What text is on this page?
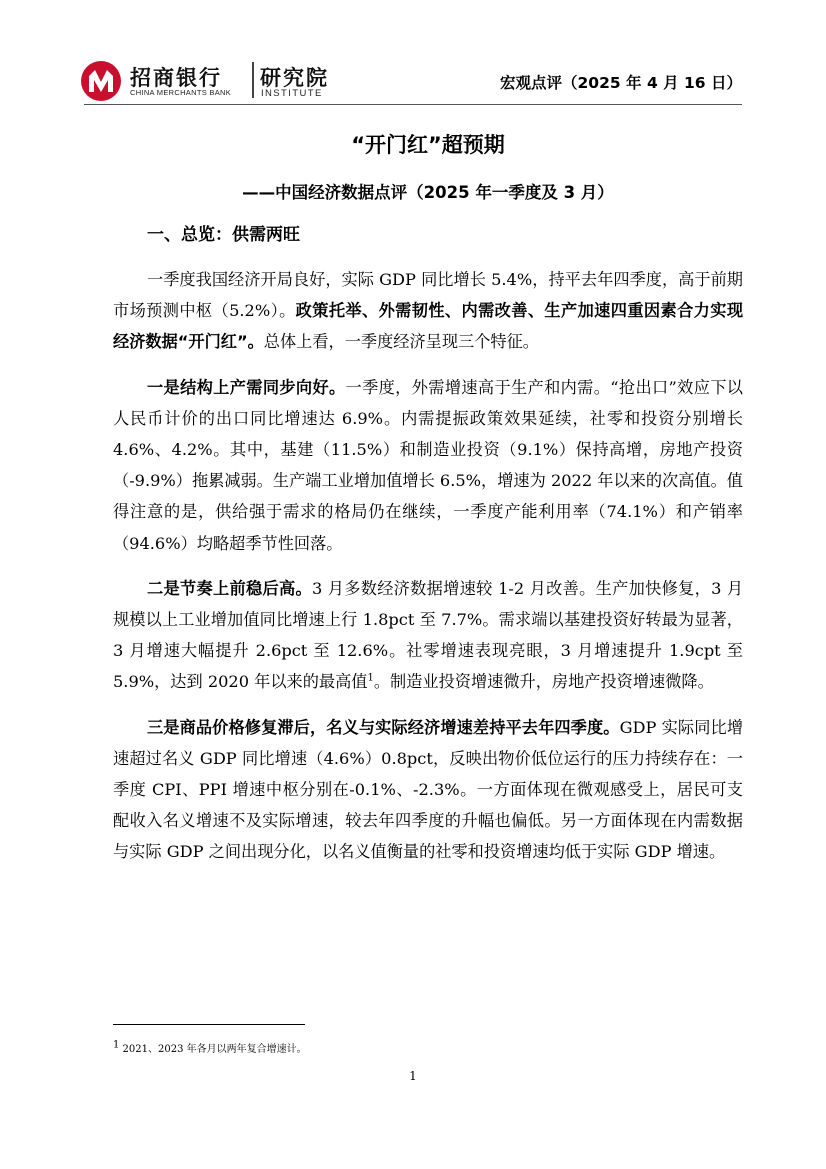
招商银行
CHINA MERCHANTS BANK
研究院
INSTITUTE
宏观点评（2025 年 4 月 16 日）
“开门红”超预期
——中国经济数据点评（2025 年一季度及 3 月）
一、总览：供需两旺

一季度我国经济开局良好，实际 GDP 同比增长 5.4%，持平去年四季度，高于前期市场预测中枢（5.2%）。政策托举、外需韧性、内需改善、生产加速四重因素合力实现经济数据“开门红”。总体上看，一季度经济呈现三个特征。

一是结构上产需同步向好。一季度，外需增速高于生产和内需。“抢出口”效应下以人民币计价的出口同比增速达 6.9%。内需提振政策效果延续，社零和投资分别增长 4.6%、4.2%。其中，基建（11.5%）和制造业投资（9.1%）保持高增，房地产投资（-9.9%）拖累减弱。生产端工业增加值增长 6.5%，增速为 2022 年以来的次高值。值得注意的是，供给强于需求的格局仍在继续，一季度产能利用率（74.1%）和产销率（94.6%）均略超季节性回落。

二是节奏上前稳后高。3 月多数经济数据增速较 1-2 月改善。生产加快修复，3 月规模以上工业增加值同比增速上行 1.8pct 至 7.7%。需求端以基建投资好转最为显著，3 月增速大幅提升 2.6pct 至 12.6%。社零增速表现亮眼，3 月增速提升 1.9cpt 至 5.9%，达到 2020 年以来的最高值$^1$。制造业投资增速微升，房地产投资增速微降。

三是商品价格修复滞后，名义与实际经济增速差持平去年四季度。GDP 实际同比增速超过名义 GDP 同比增速（4.6%）0.8pct，反映出物价低位运行的压力持续存在：一季度 CPI、PPI 增速中枢分别在-0.1%、-2.3%。一方面体现在微观感受上，居民可支配收入名义增速不及实际增速，较去年四季度的升幅也偏低。另一方面体现在内需数据与实际 GDP 之间出现分化，以名义值衡量的社零和投资增速均低于实际 GDP 增速。

$^1$ 2021、2023 年各月以两年复合增速计。
1
